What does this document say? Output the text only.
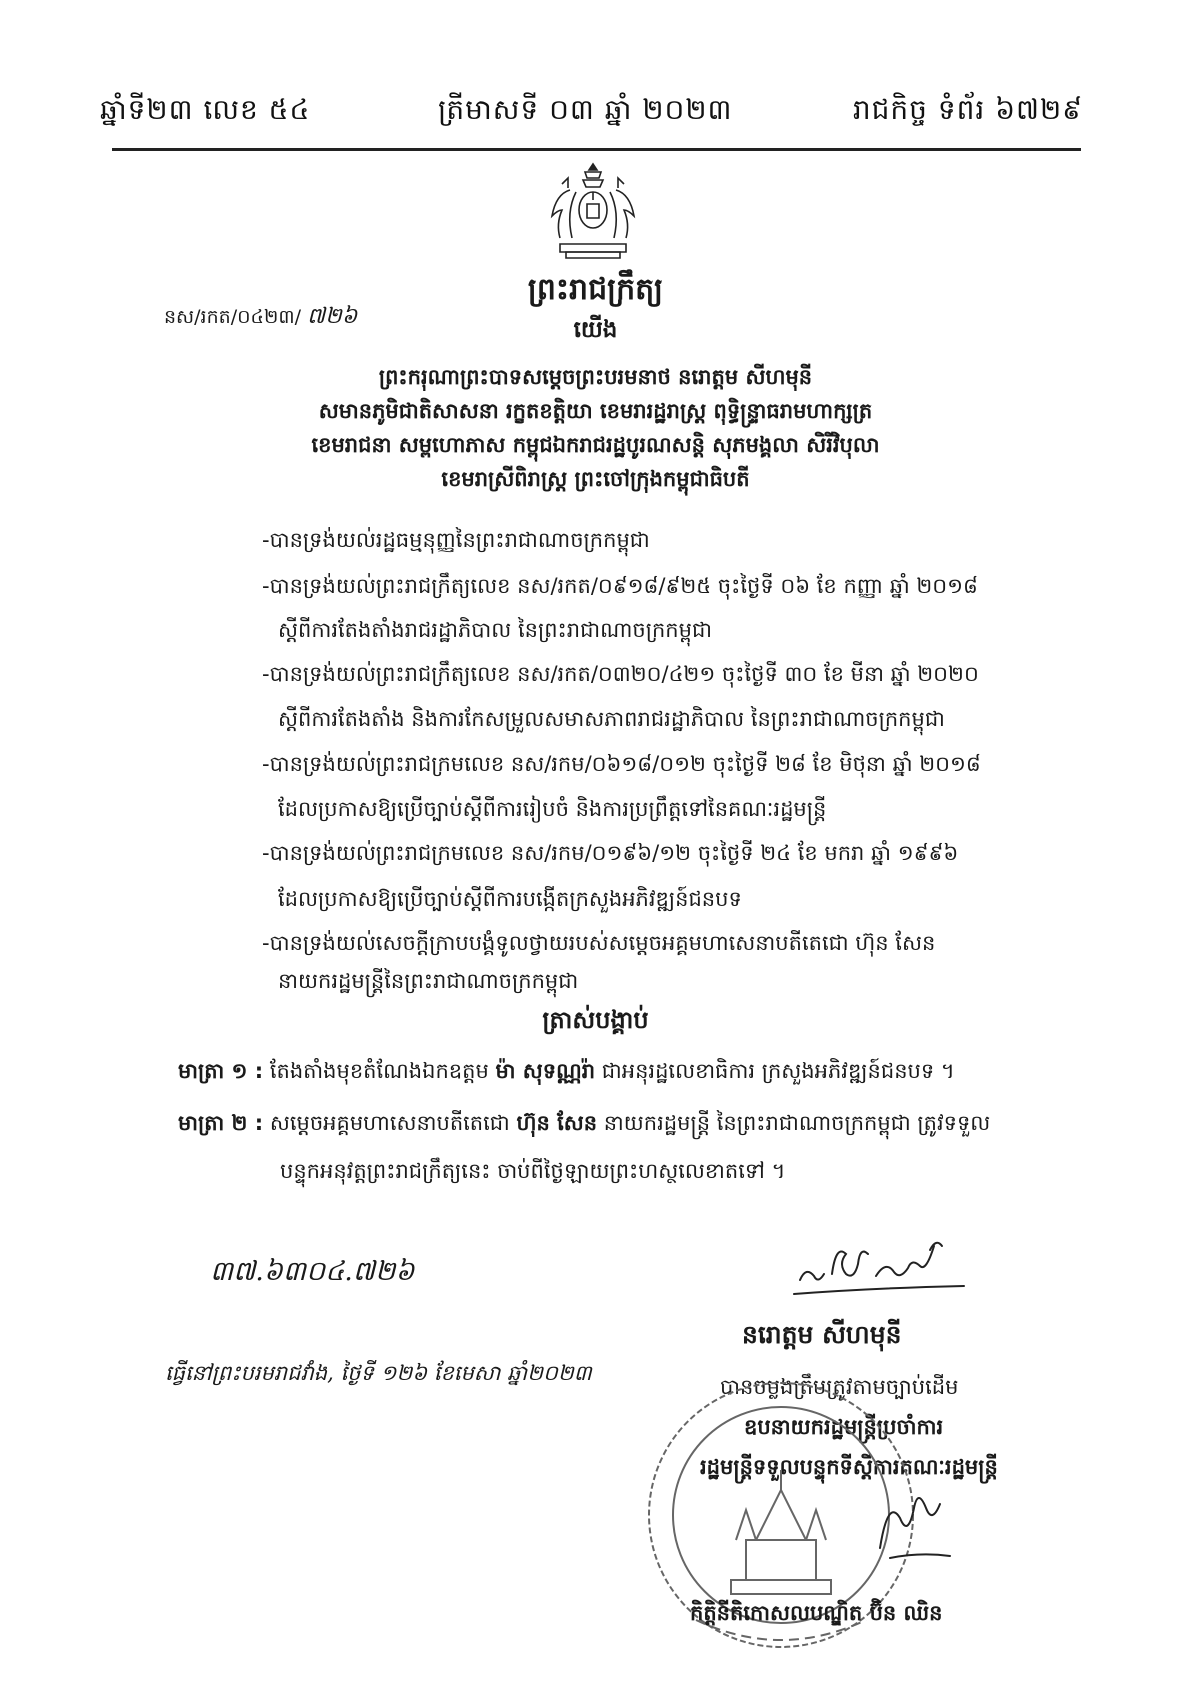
ឆ្នាំទី២៣ លេខ ៥៤	ត្រីមាសទី ០៣ ឆ្នាំ ២០២៣	រាជកិច្ច ទំព័រ ៦៧២៩
ព្រះរាជក្រឹត្យ
នស/រកត/០៤២៣/ ៧២៦
យើង
ព្រះករុណាព្រះបាទសម្តេចព្រះបរមនាថ នរោត្តម សីហមុនី
សមានភូមិជាតិសាសនា រក្ខតខត្តិយា ខេមរារដ្ឋរាស្ត្រ ពុទ្ធិន្ទ្រាធរាមហាក្សត្រ
ខេមរាជនា សម្ពហោភាស កម្ពុជឯករាជរដ្ឋបូរណសន្តិ សុភមង្គលា សិរីវិបុលា
ខេមរាស្រីពិរាស្ត្រ ព្រះចៅក្រុងកម្ពុជាធិបតី
-បានទ្រង់យល់រដ្ឋធម្មនុញ្ញនៃព្រះរាជាណាចក្រកម្ពុជា
-បានទ្រង់យល់ព្រះរាជក្រឹត្យលេខ នស/រកត/០៩១៨/៩២៥ ចុះថ្ងៃទី ០៦ ខែ កញ្ញា ឆ្នាំ ២០១៨
ស្តីពីការតែងតាំងរាជរដ្ឋាភិបាល នៃព្រះរាជាណាចក្រកម្ពុជា
-បានទ្រង់យល់ព្រះរាជក្រឹត្យលេខ នស/រកត/០៣២០/៤២១ ចុះថ្ងៃទី ៣០ ខែ មីនា ឆ្នាំ ២០២០
ស្តីពីការតែងតាំង និងការកែសម្រួលសមាសភាពរាជរដ្ឋាភិបាល នៃព្រះរាជាណាចក្រកម្ពុជា
-បានទ្រង់យល់ព្រះរាជក្រមលេខ នស/រកម/០៦១៨/០១២ ចុះថ្ងៃទី ២៨ ខែ មិថុនា ឆ្នាំ ២០១៨
ដែលប្រកាសឱ្យប្រើច្បាប់ស្តីពីការរៀបចំ និងការប្រព្រឹត្តទៅនៃគណៈរដ្ឋមន្ត្រី
-បានទ្រង់យល់ព្រះរាជក្រមលេខ នស/រកម/០១៩៦/១២ ចុះថ្ងៃទី ២៤ ខែ មករា ឆ្នាំ ១៩៩៦
ដែលប្រកាសឱ្យប្រើច្បាប់ស្តីពីការបង្កើតក្រសួងអភិវឌ្ឍន៍ជនបទ
-បានទ្រង់យល់សេចក្តីក្រាបបង្គំទូលថ្វាយរបស់សម្តេចអគ្គមហាសេនាបតីតេជោ ហ៊ុន សែន
នាយករដ្ឋមន្ត្រីនៃព្រះរាជាណាចក្រកម្ពុជា
ត្រាស់បង្គាប់
មាត្រា ១ : តែងតាំងមុខតំណែងឯកឧត្តម ម៉ា សុទណ្ណរ៉ា ជាអនុរដ្ឋលេខាធិការ ក្រសួងអភិវឌ្ឍន៍ជនបទ ។
មាត្រា ២ : សម្តេចអគ្គមហាសេនាបតីតេជោ ហ៊ុន សែន នាយករដ្ឋមន្ត្រី នៃព្រះរាជាណាចក្រកម្ពុជា ត្រូវទទួល
បន្ទុកអនុវត្តព្រះរាជក្រឹត្យនេះ ចាប់ពីថ្ងៃឡាយព្រះហស្ថលេខាតទៅ ។
៣៧.៦៣០៤.៧២៦
នរោត្តម សីហមុនី
ធ្វើនៅព្រះបរមរាជវាំង, ថ្ងៃទី ១២៦ ខែមេសា ឆ្នាំ២០២៣
បានចម្លងត្រឹមត្រូវតាមច្បាប់ដើម
ឧបនាយករដ្ឋមន្ត្រីប្រចាំការ
រដ្ឋមន្ត្រីទទួលបន្ទុកទីស្តីការគណៈរដ្ឋមន្ត្រី
កិត្តិនីតិកោសលបណ្ឌិត ប៊ិន ឈិន
